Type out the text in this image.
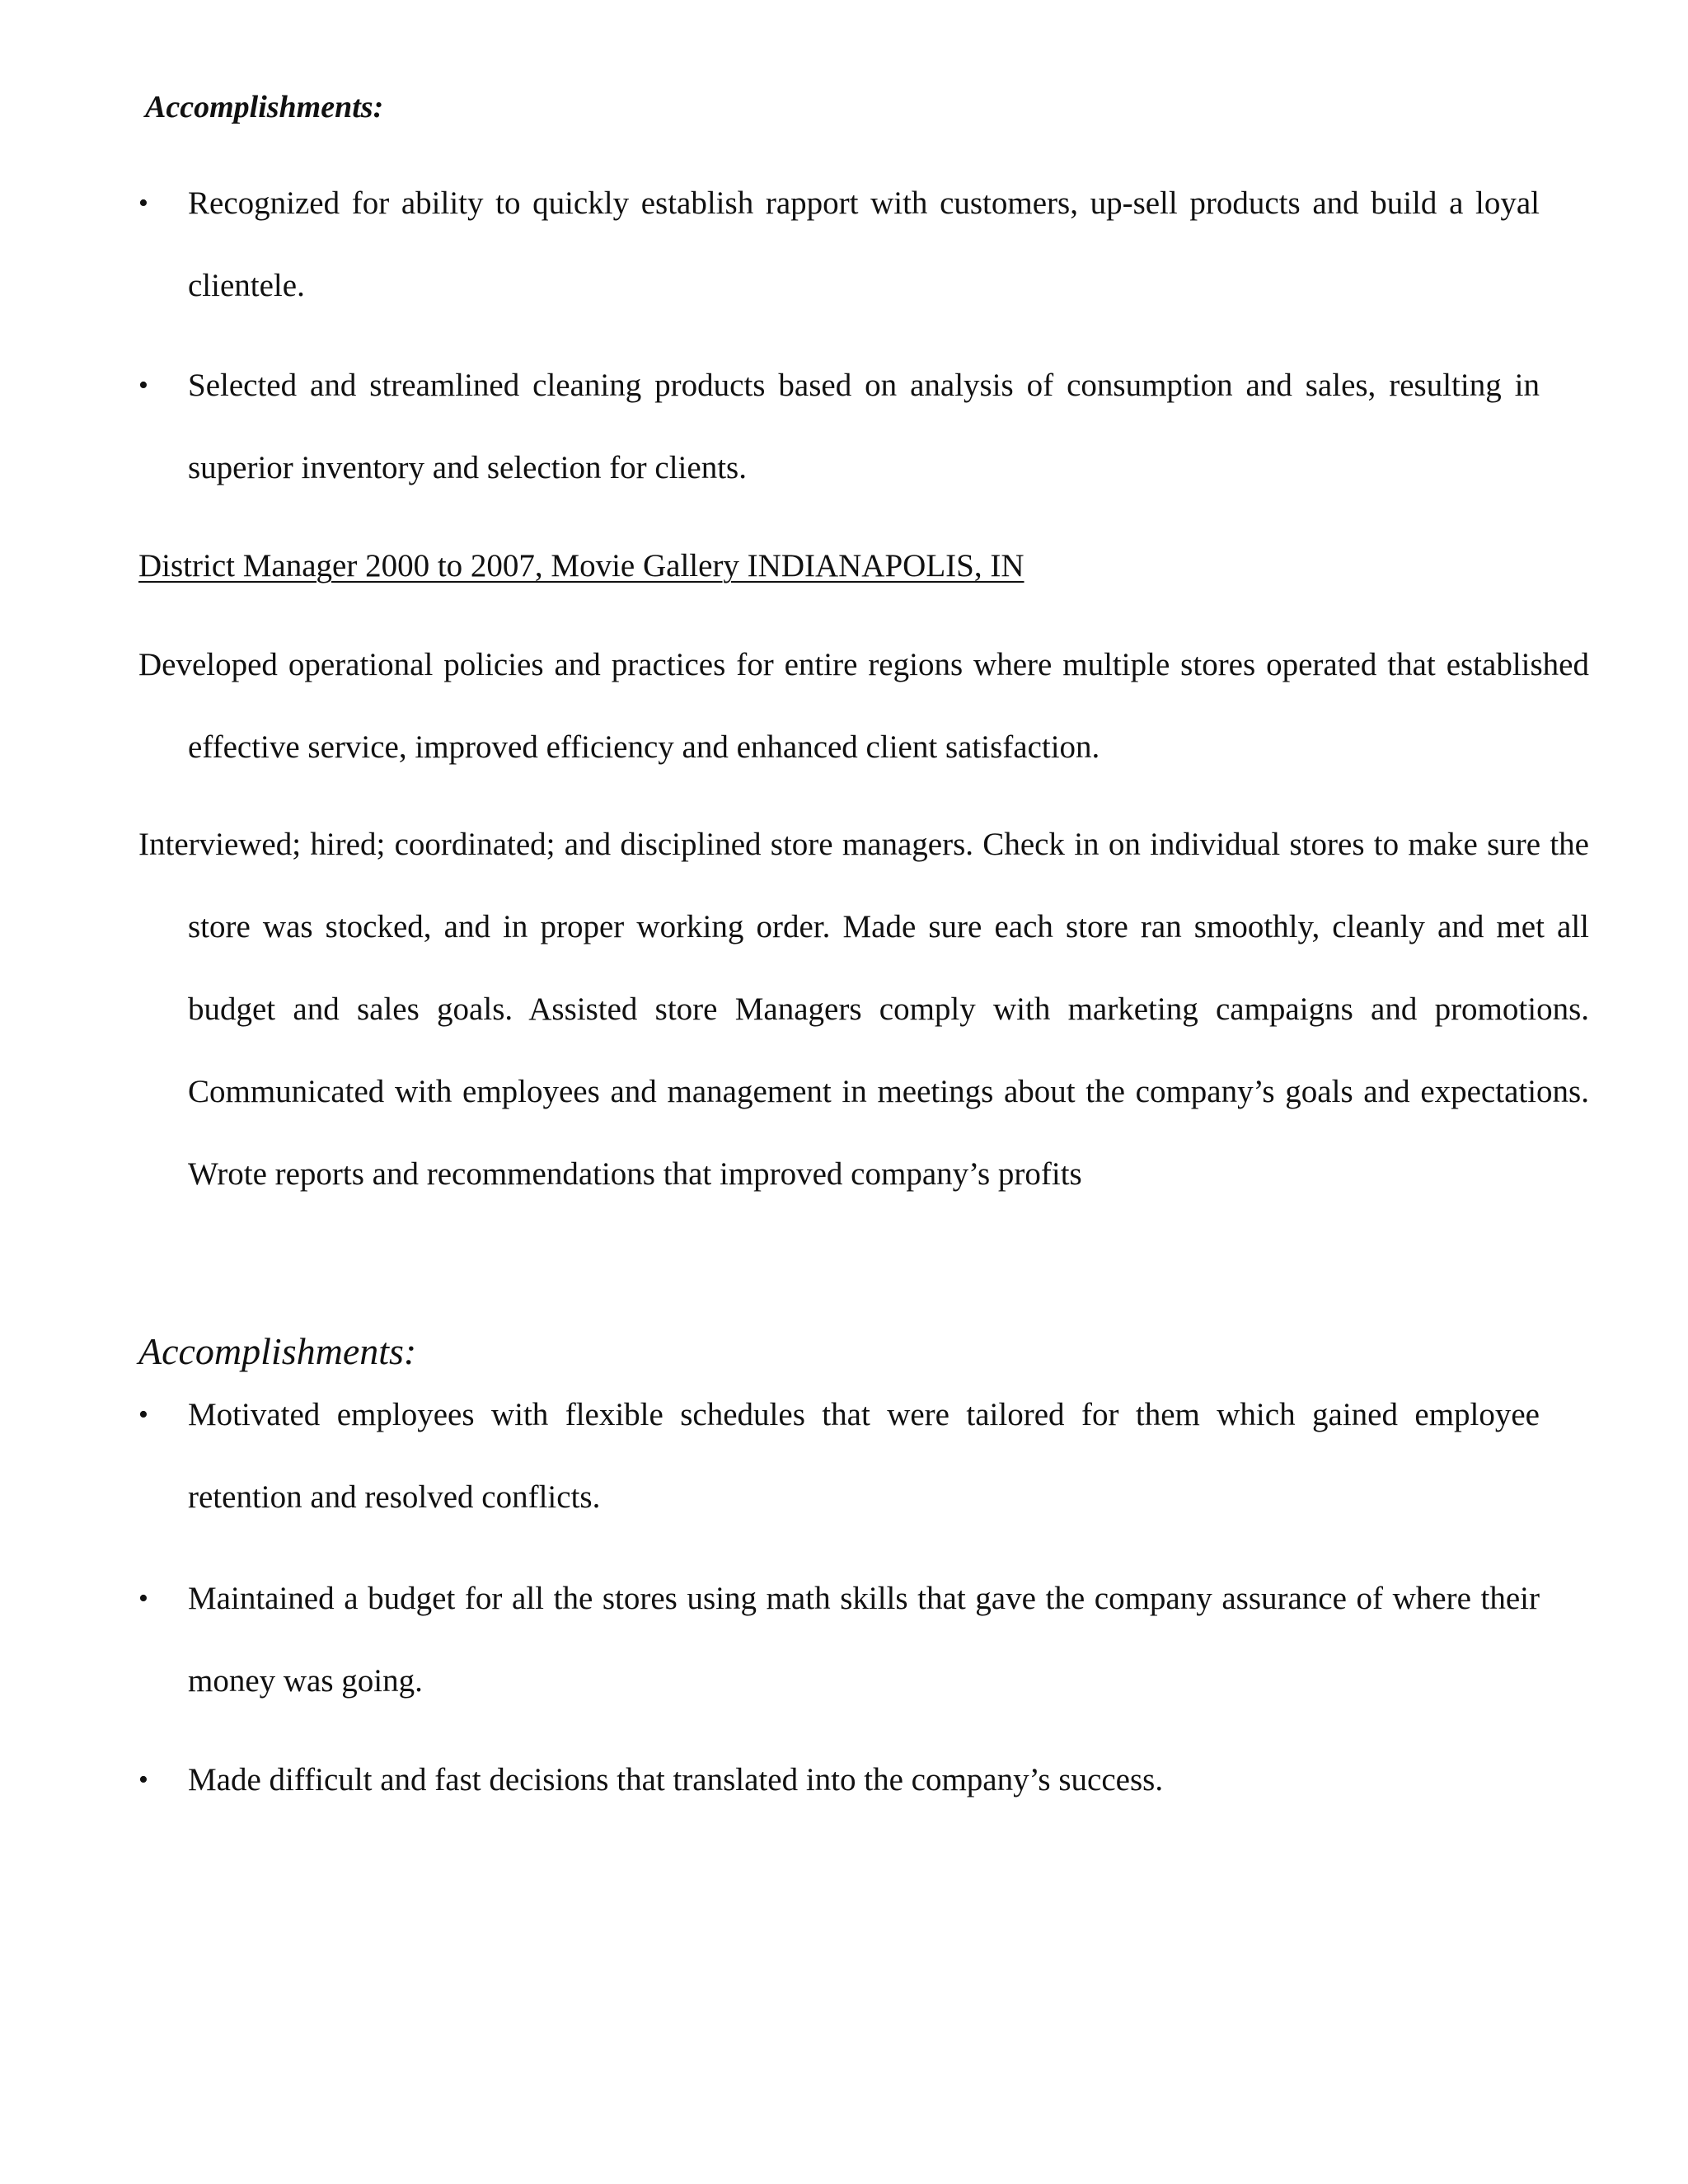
Accomplishments:

•	Recognized for ability to quickly establish rapport with customers, up-sell products and build a loyal clientele.
•	Selected and streamlined cleaning products based on analysis of consumption and sales, resulting in superior inventory and selection for clients.

District Manager 2000 to 2007, Movie Gallery INDIANAPOLIS, IN

Developed operational policies and practices for entire regions where multiple stores operated that established effective service, improved efficiency and enhanced client satisfaction.

Interviewed; hired; coordinated; and disciplined store managers. Check in on individual stores to make sure the store was stocked, and in proper working order. Made sure each store ran smoothly, cleanly and met all budget and sales goals. Assisted store Managers comply with marketing campaigns and promotions. Communicated with employees and management in meetings about the company’s goals and expectations. Wrote reports and recommendations that improved company’s profits

Accomplishments:

•	Motivated employees with flexible schedules that were tailored for them which gained employee retention and resolved conflicts.
•	Maintained a budget for all the stores using math skills that gave the company assurance of where their money was going.
•	Made difficult and fast decisions that translated into the company’s success.
